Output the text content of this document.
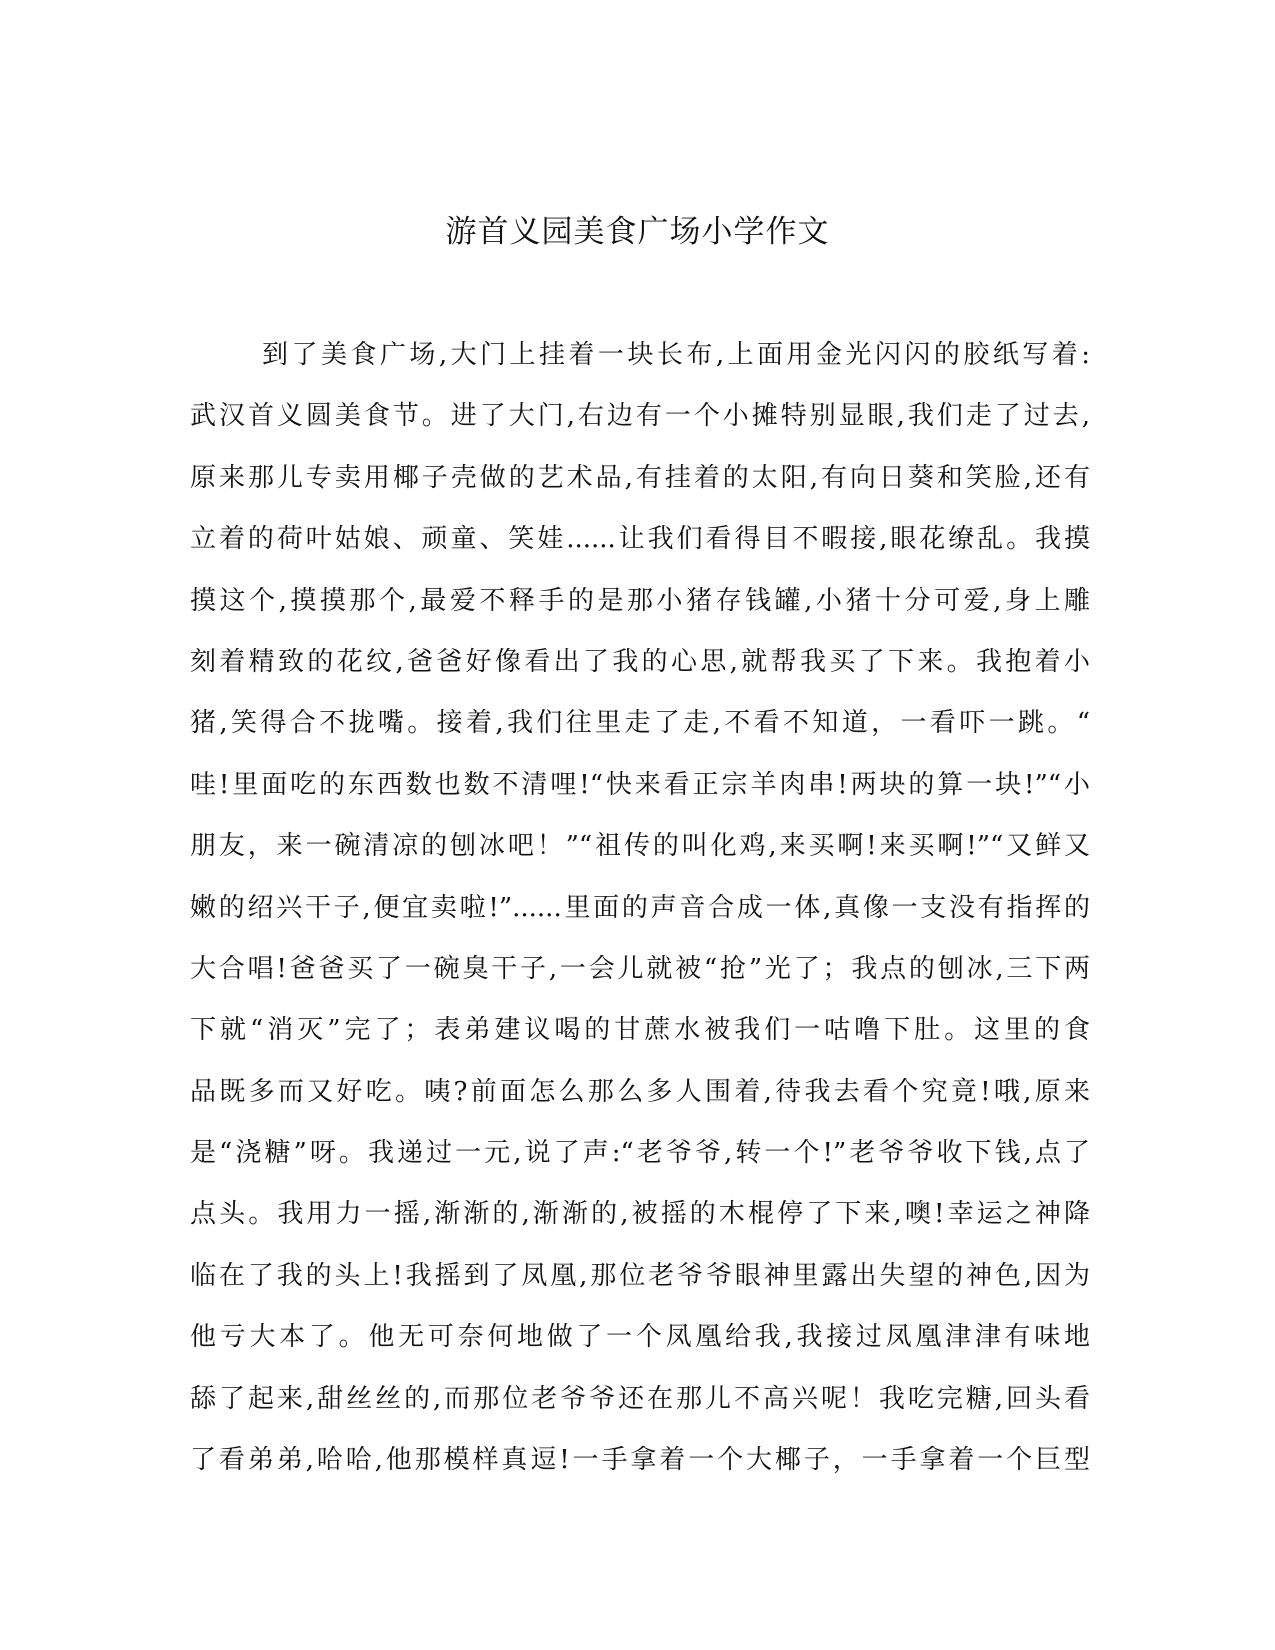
游首义园美食广场小学作文
到了美食广场,大门上挂着一块长布,上面用金光闪闪的胶纸写着:
武汉首义圆美食节。进了大门,右边有一个小摊特别显眼,我们走了过去,
原来那儿专卖用椰子壳做的艺术品,有挂着的太阳,有向日葵和笑脸,还有
立着的荷叶姑娘、顽童、笑娃......让我们看得目不暇接,眼花缭乱。我摸
摸这个,摸摸那个,最爱不释手的是那小猪存钱罐,小猪十分可爱,身上雕
刻着精致的花纹,爸爸好像看出了我的心思,就帮我买了下来。我抱着小
猪,笑得合不拢嘴。接着,我们往里走了走,不看不知道，一看吓一跳。“
哇!里面吃的东西数也数不清哩!“快来看正宗羊肉串!两块的算一块!”“小
朋友，来一碗清凉的刨冰吧！”“祖传的叫化鸡,来买啊!来买啊!”“又鲜又
嫩的绍兴干子,便宜卖啦!”......里面的声音合成一体,真像一支没有指挥的
大合唱!爸爸买了一碗臭干子,一会儿就被“抢”光了；我点的刨冰,三下两
下就“消灭”完了；表弟建议喝的甘蔗水被我们一咕噜下肚。这里的食
品既多而又好吃。咦?前面怎么那么多人围着,待我去看个究竟!哦,原来
是“浇糖”呀。我递过一元,说了声:“老爷爷,转一个!”老爷爷收下钱,点了
点头。我用力一摇,渐渐的,渐渐的,被摇的木棍停了下来,噢!幸运之神降
临在了我的头上!我摇到了凤凰,那位老爷爷眼神里露出失望的神色,因为
他亏大本了。他无可奈何地做了一个凤凰给我,我接过凤凰津津有味地
舔了起来,甜丝丝的,而那位老爷爷还在那儿不高兴呢！我吃完糖,回头看
了看弟弟,哈哈,他那模样真逗!一手拿着一个大椰子，一手拿着一个巨型
